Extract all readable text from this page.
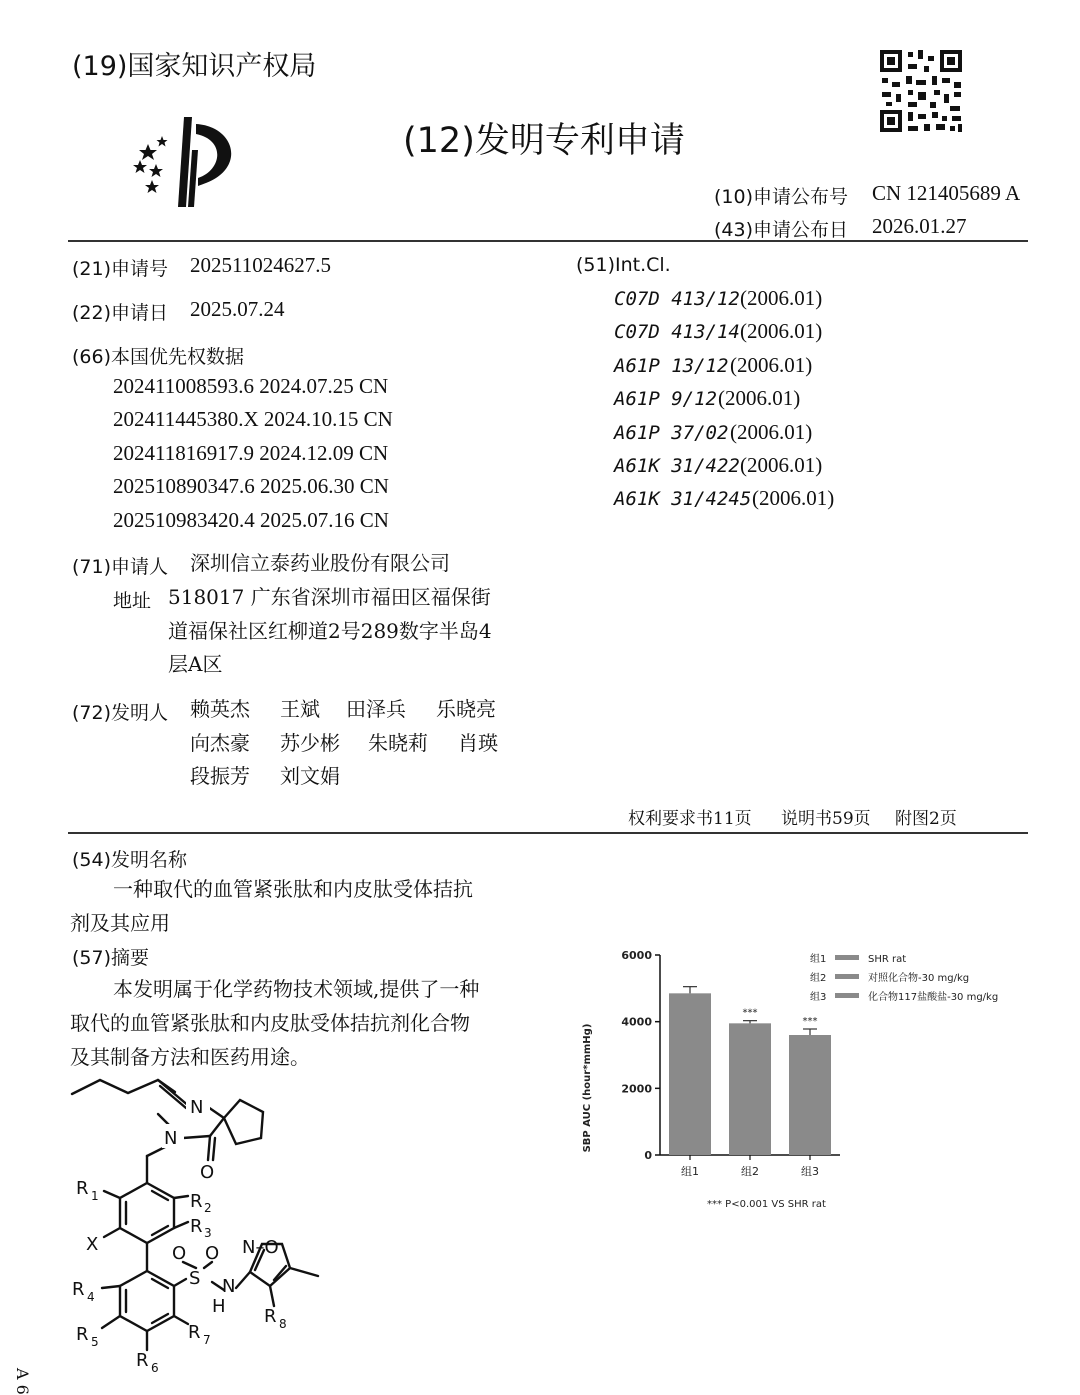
(19)国家知识产权局
(12)发明专利申请
(10)申请公布号 CN 121405689 A
(43)申请公布日 2026.01.27
(21)申请号 202511024627.5
(22)申请日 2025.07.24
(66)本国优先权数据
202411008593.6 2024.07.25 CN
202411445380.X 2024.10.15 CN
202411816917.9 2024.12.09 CN
202510890347.6 2025.06.30 CN
202510983420.4 2025.07.16 CN
(71)申请人 深圳信立泰药业股份有限公司
地址 518017 广东省深圳市福田区福保街
道福保社区红柳道2号289数字半岛4
层A区
(72)发明人 赖英杰 王斌 田泽兵 乐晓亮
向杰豪 苏少彬 朱晓莉 肖瑛
段振芳 刘文娟
(51)Int.Cl.
C07D 413/12 (2006.01)
C07D 413/14 (2006.01)
A61P 13/12 (2006.01)
A61P 9/12 (2006.01)
A61P 37/02 (2006.01)
A61K 31/422 (2006.01)
A61K 31/4245 (2006.01)
权利要求书11页 说明书59页 附图2页
(54)发明名称
一种取代的血管紧张肽和内皮肽受体拮抗
剂及其应用
(57)摘要
本发明属于化学药物技术领域,提供了一种
取代的血管紧张肽和内皮肽受体拮抗剂化合物
及其制备方法和医药用途。
N
N
O
R 1	R 2
R 3
X	O O
S
N–O
N
H
R 4
R 5
R 6
R 7
R 8
SBP AUC (hour*mmHg)
0
2000
4000
6000
组1	组2
***
组3
***
组1	SHR rat
组2	对照化合物-30 mg/kg
组3	化合物117盐酸盐-30 mg/kg
*** P<0.001 VS SHR rat
A 6
